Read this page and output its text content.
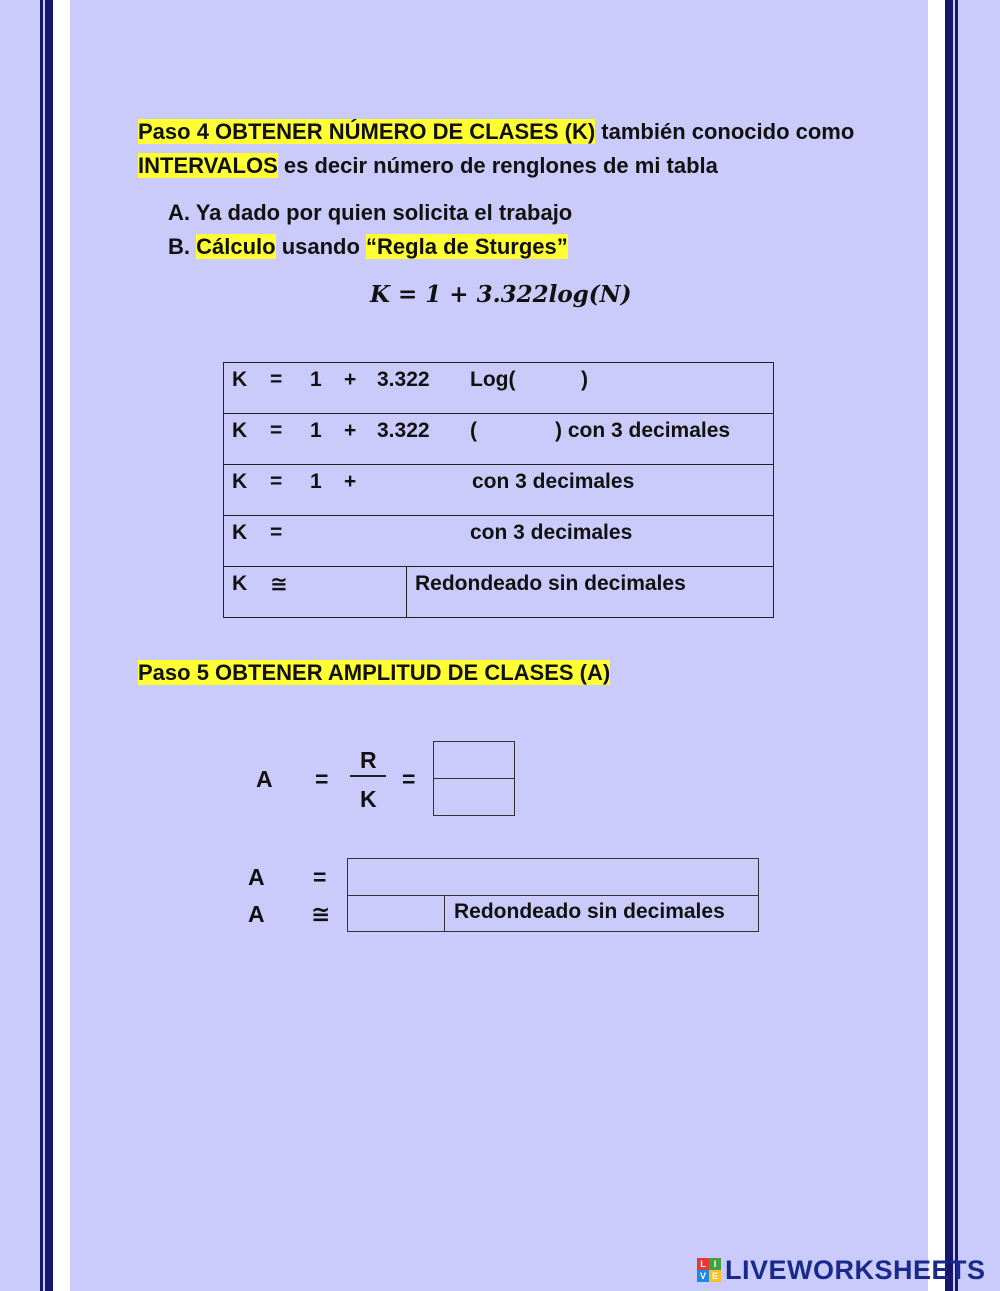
Paso 4 OBTENER NÚMERO DE CLASES (K) también conocido como
INTERVALOS es decir número de renglones de mi tabla
A. Ya dado por quien solicita el trabajo
B. Cálculo usando “Regla de Sturges”
K = 1 + 3.322log(N)
K = 1 + 3.322 Log(	)

K = 1 + 3.322 (	) con 3 decimales

K = 1 +	con 3 decimales

K =	con 3 decimales

K ≅	Redondeado sin decimales
Paso 5 OBTENER AMPLITUD DE CLASES (A)
A =
R
K
=
A =
A ≅	Redondeado sin decimales
L I
V E LIVEWORKSHEETS
